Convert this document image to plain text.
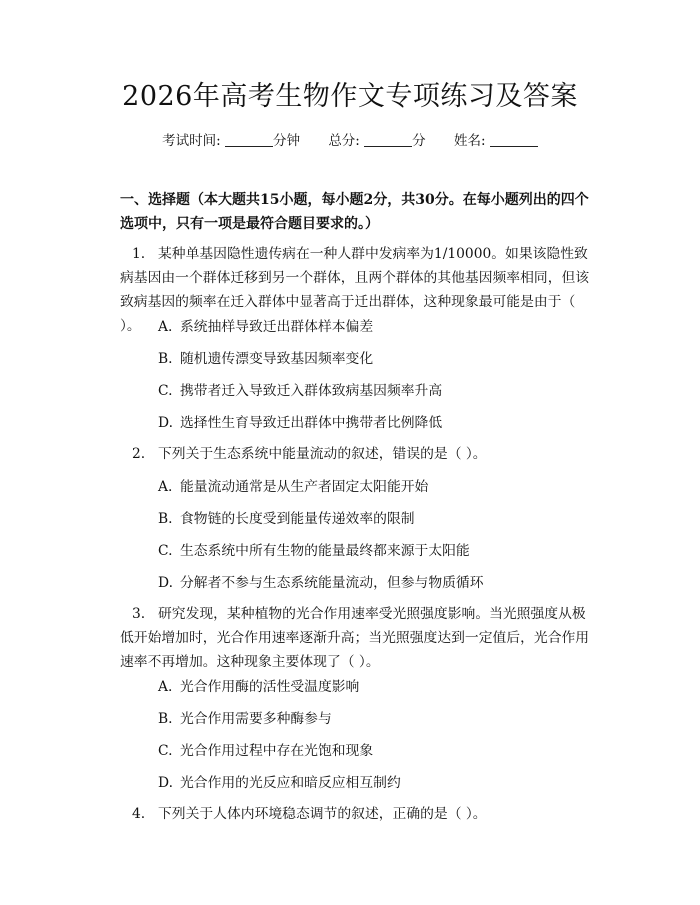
2026年高考生物作文专项练习及答案
考试时间:	分钟 总分:	分 姓名:
一、选择题（本大题共15小题，每小题2分，共30分。在每小题列出的四个选项中，只有一项是最符合题目要求的。）
1. 某种单基因隐性遗传病在一种人群中发病率为1/10000。如果该隐性致病基因由一个群体迁移到另一个群体，且两个群体的其他基因频率相同，但该致病基因的频率在迁入群体中显著高于迁出群体，这种现象最可能是由于（ ）。	A. 系统抽样导致迁出群体样本偏差
B. 随机遗传漂变导致基因频率变化
C. 携带者迁入导致迁入群体致病基因频率升高
D. 选择性生育导致迁出群体中携带者比例降低
2. 下列关于生态系统中能量流动的叙述，错误的是（ ）。
A. 能量流动通常是从生产者固定太阳能开始
B. 食物链的长度受到能量传递效率的限制
C. 生态系统中所有生物的能量最终都来源于太阳能
D. 分解者不参与生态系统能量流动，但参与物质循环
3. 研究发现，某种植物的光合作用速率受光照强度影响。当光照强度从极低开始增加时，光合作用速率逐渐升高；当光照强度达到一定值后，光合作用速率不再增加。这种现象主要体现了（ ）。
A. 光合作用酶的活性受温度影响
B. 光合作用需要多种酶参与
C. 光合作用过程中存在光饱和现象
D. 光合作用的光反应和暗反应相互制约
4. 下列关于人体内环境稳态调节的叙述，正确的是（ ）。
